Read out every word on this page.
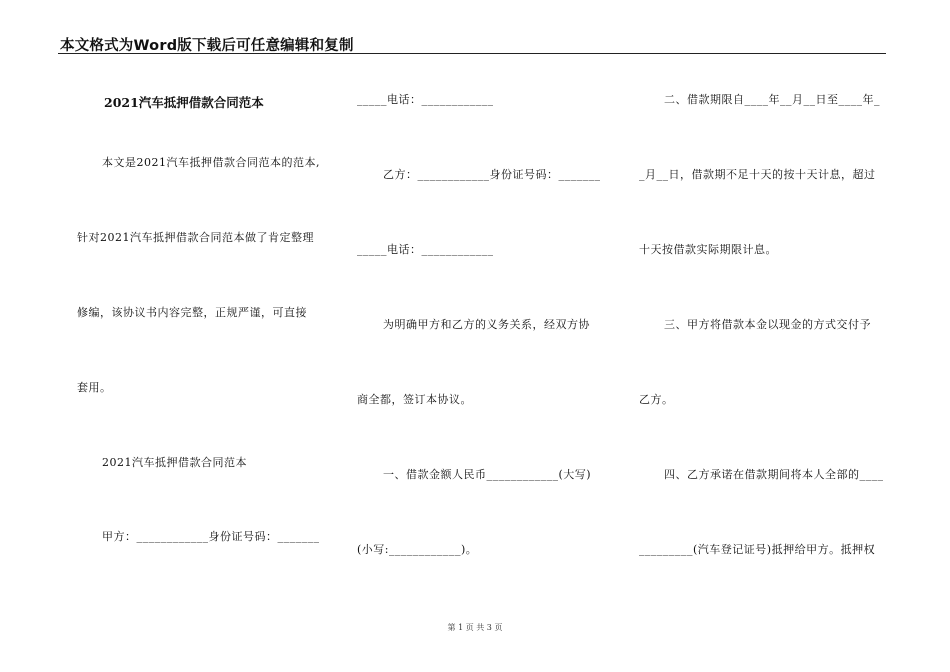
本文格式为Word版下载后可任意编辑和复制
2021汽车抵押借款合同范本
本文是2021汽车抵押借款合同范本的范本,
针对2021汽车抵押借款合同范本做了肯定整理
修编，该协议书内容完整，正规严谨，可直接
套用。
2021汽车抵押借款合同范本
甲方：____________身份证号码：_______
_____电话：____________
乙方：____________身份证号码：_______
_____电话：____________
为明确甲方和乙方的义务关系，经双方协
商全都，签订本协议。
一、借款金额人民币____________(大写)
(小写:____________)。
二、借款期限自____年__月__日至____年_
_月__日，借款期不足十天的按十天计息，超过
十天按借款实际期限计息。
三、甲方将借款本金以现金的方式交付予
乙方。
四、乙方承诺在借款期间将本人全部的____
_________(汽车登记证号)抵押给甲方。抵押权
第 1 页 共 3 页
